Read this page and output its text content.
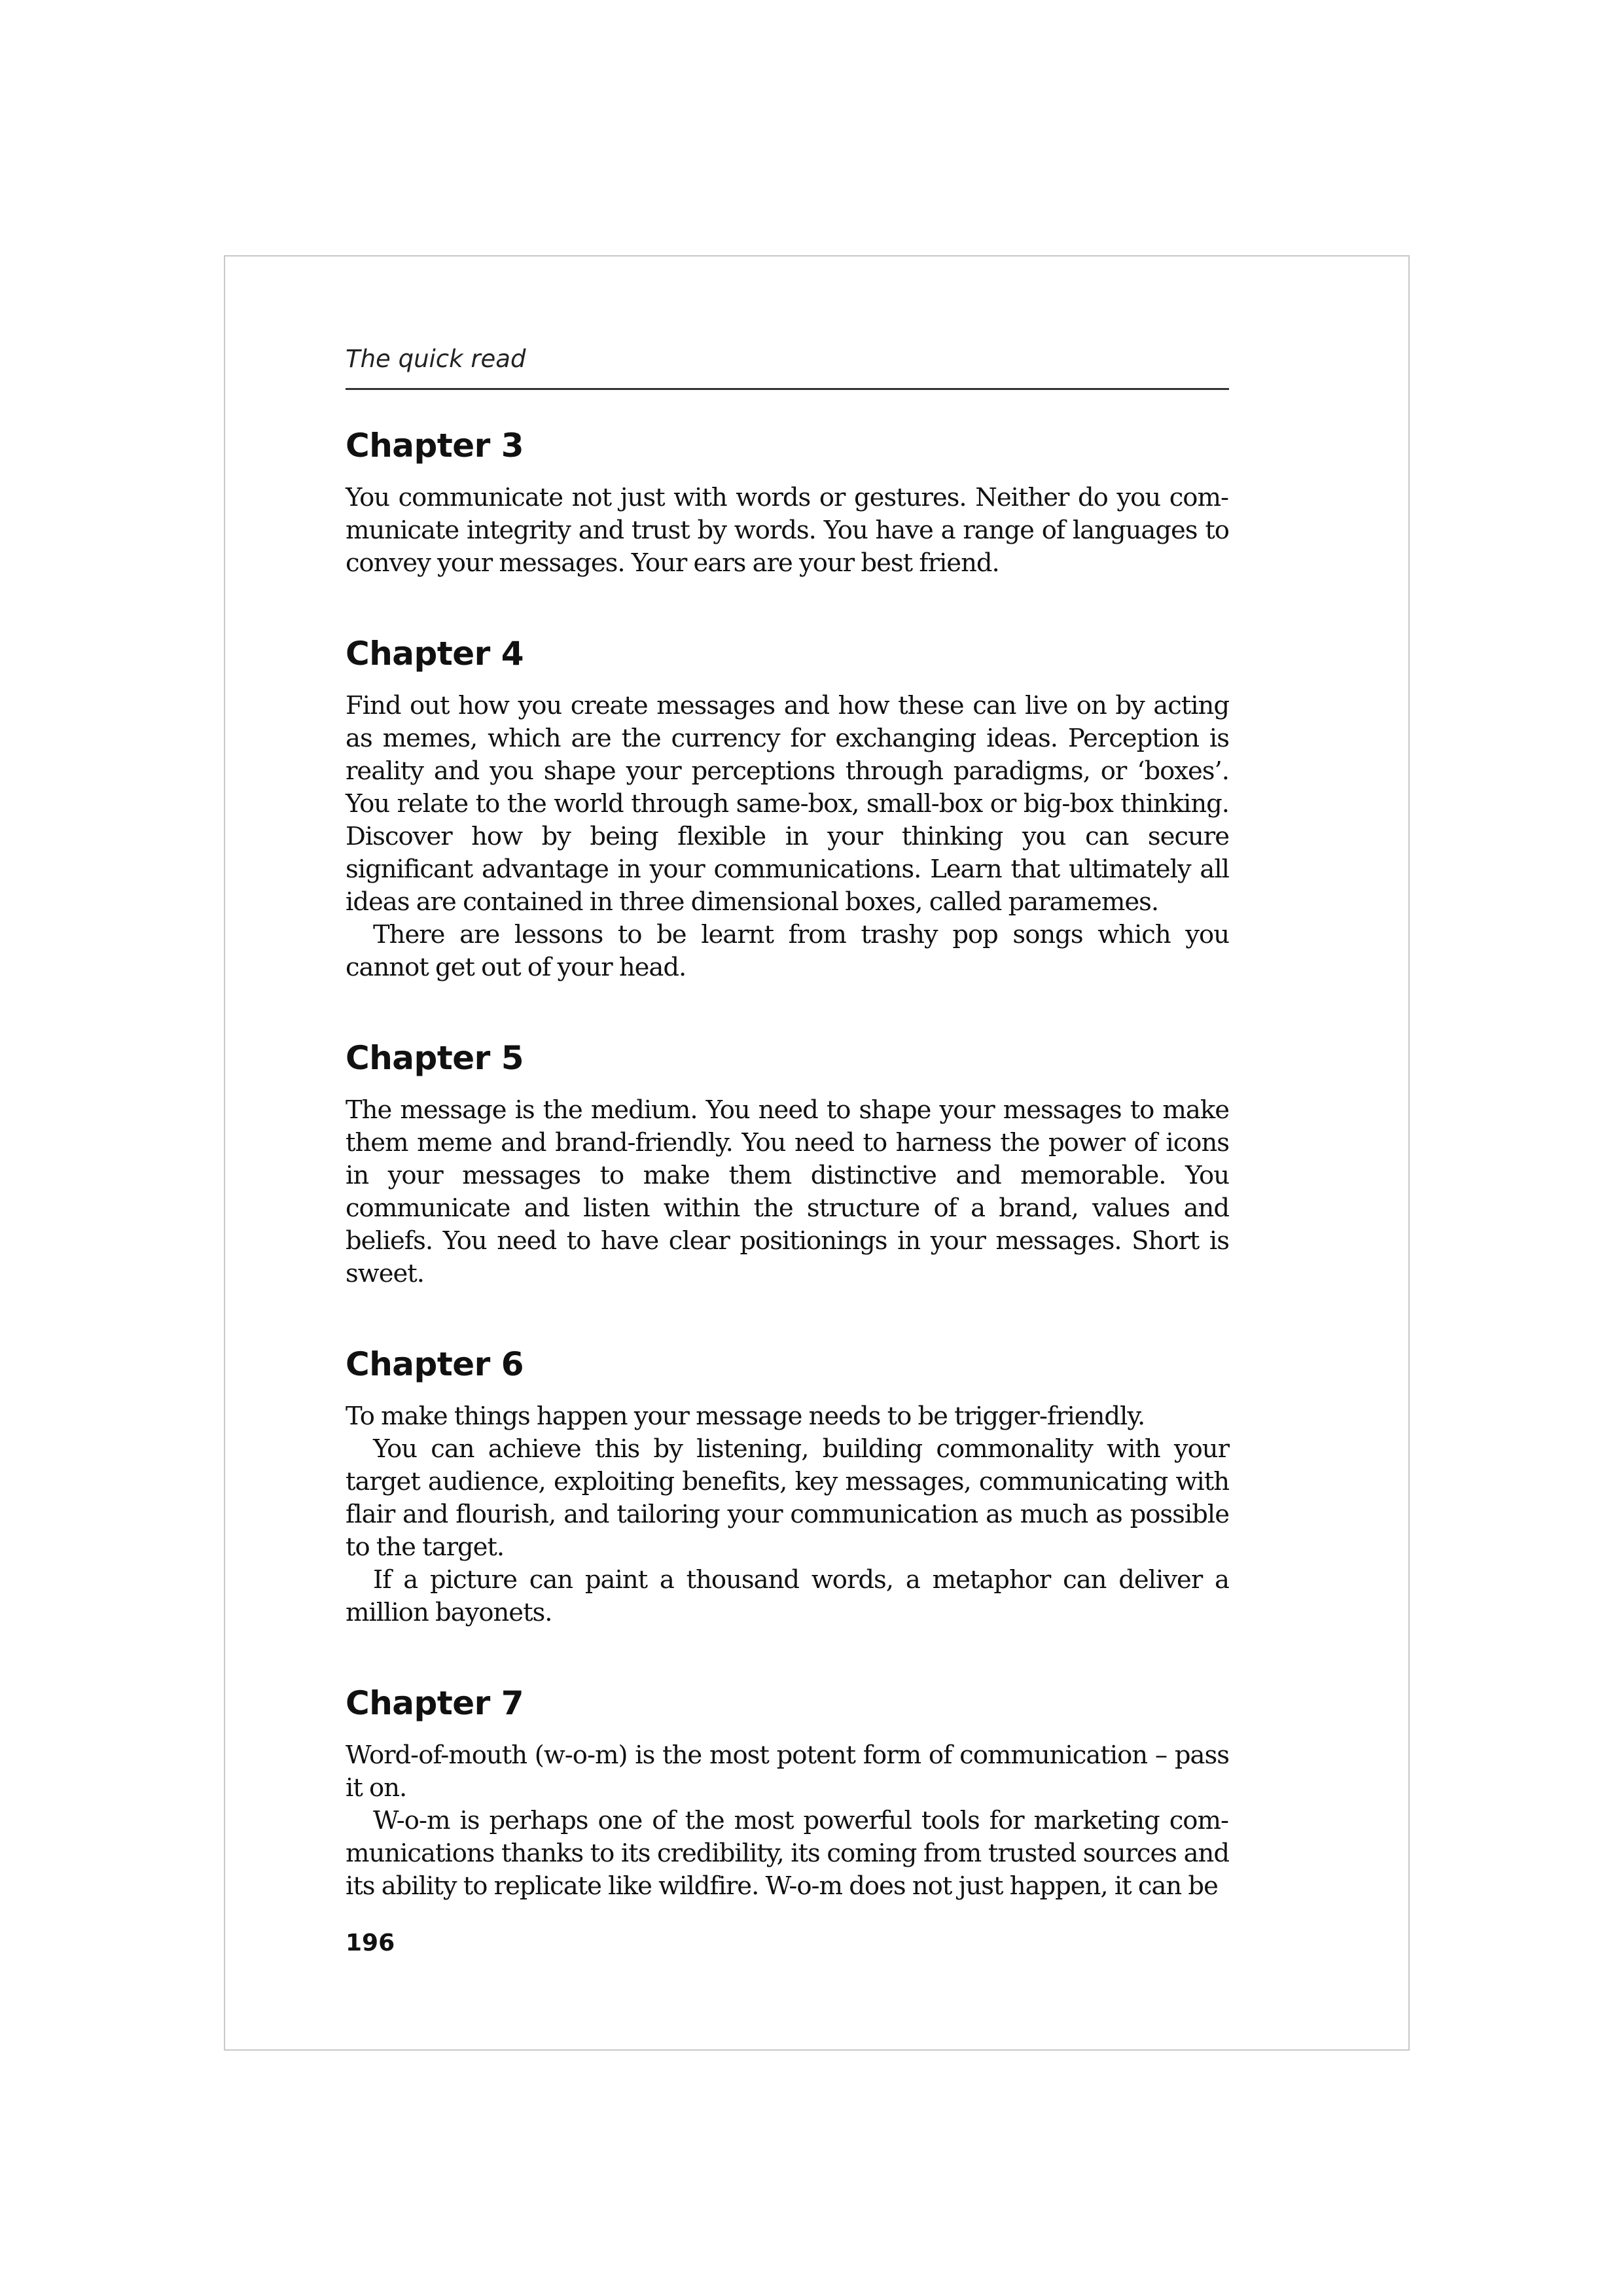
The quick read

Chapter 3

You communicate not just with words or gestures. Neither do you communicate integrity and trust by words. You have a range of languages to convey your messages. Your ears are your best friend.

Chapter 4

Find out how you create messages and how these can live on by acting as memes, which are the currency for exchanging ideas. Perception is reality and you shape your perceptions through paradigms, or ‘boxes’. You relate to the world through same-box, small-box or big-box thinking. Discover how by being flexible in your thinking you can secure significant advantage in your communications. Learn that ultimately all ideas are contained in three dimensional boxes, called paramemes.

There are lessons to be learnt from trashy pop songs which you cannot get out of your head.

Chapter 5

The message is the medium. You need to shape your messages to make them meme and brand-friendly. You need to harness the power of icons in your messages to make them distinctive and memorable. You communicate and listen within the structure of a brand, values and beliefs. You need to have clear positionings in your messages. Short is sweet.

Chapter 6

To make things happen your message needs to be trigger-friendly.

You can achieve this by listening, building commonality with your target audience, exploiting benefits, key messages, communicating with flair and flourish, and tailoring your communication as much as possible to the target.

If a picture can paint a thousand words, a metaphor can deliver a million bayonets.

Chapter 7

Word-of-mouth (w-o-m) is the most potent form of communication – pass it on.

W-o-m is perhaps one of the most powerful tools for marketing communications thanks to its credibility, its coming from trusted sources and its ability to replicate like wildfire. W-o-m does not just happen, it can be

196
